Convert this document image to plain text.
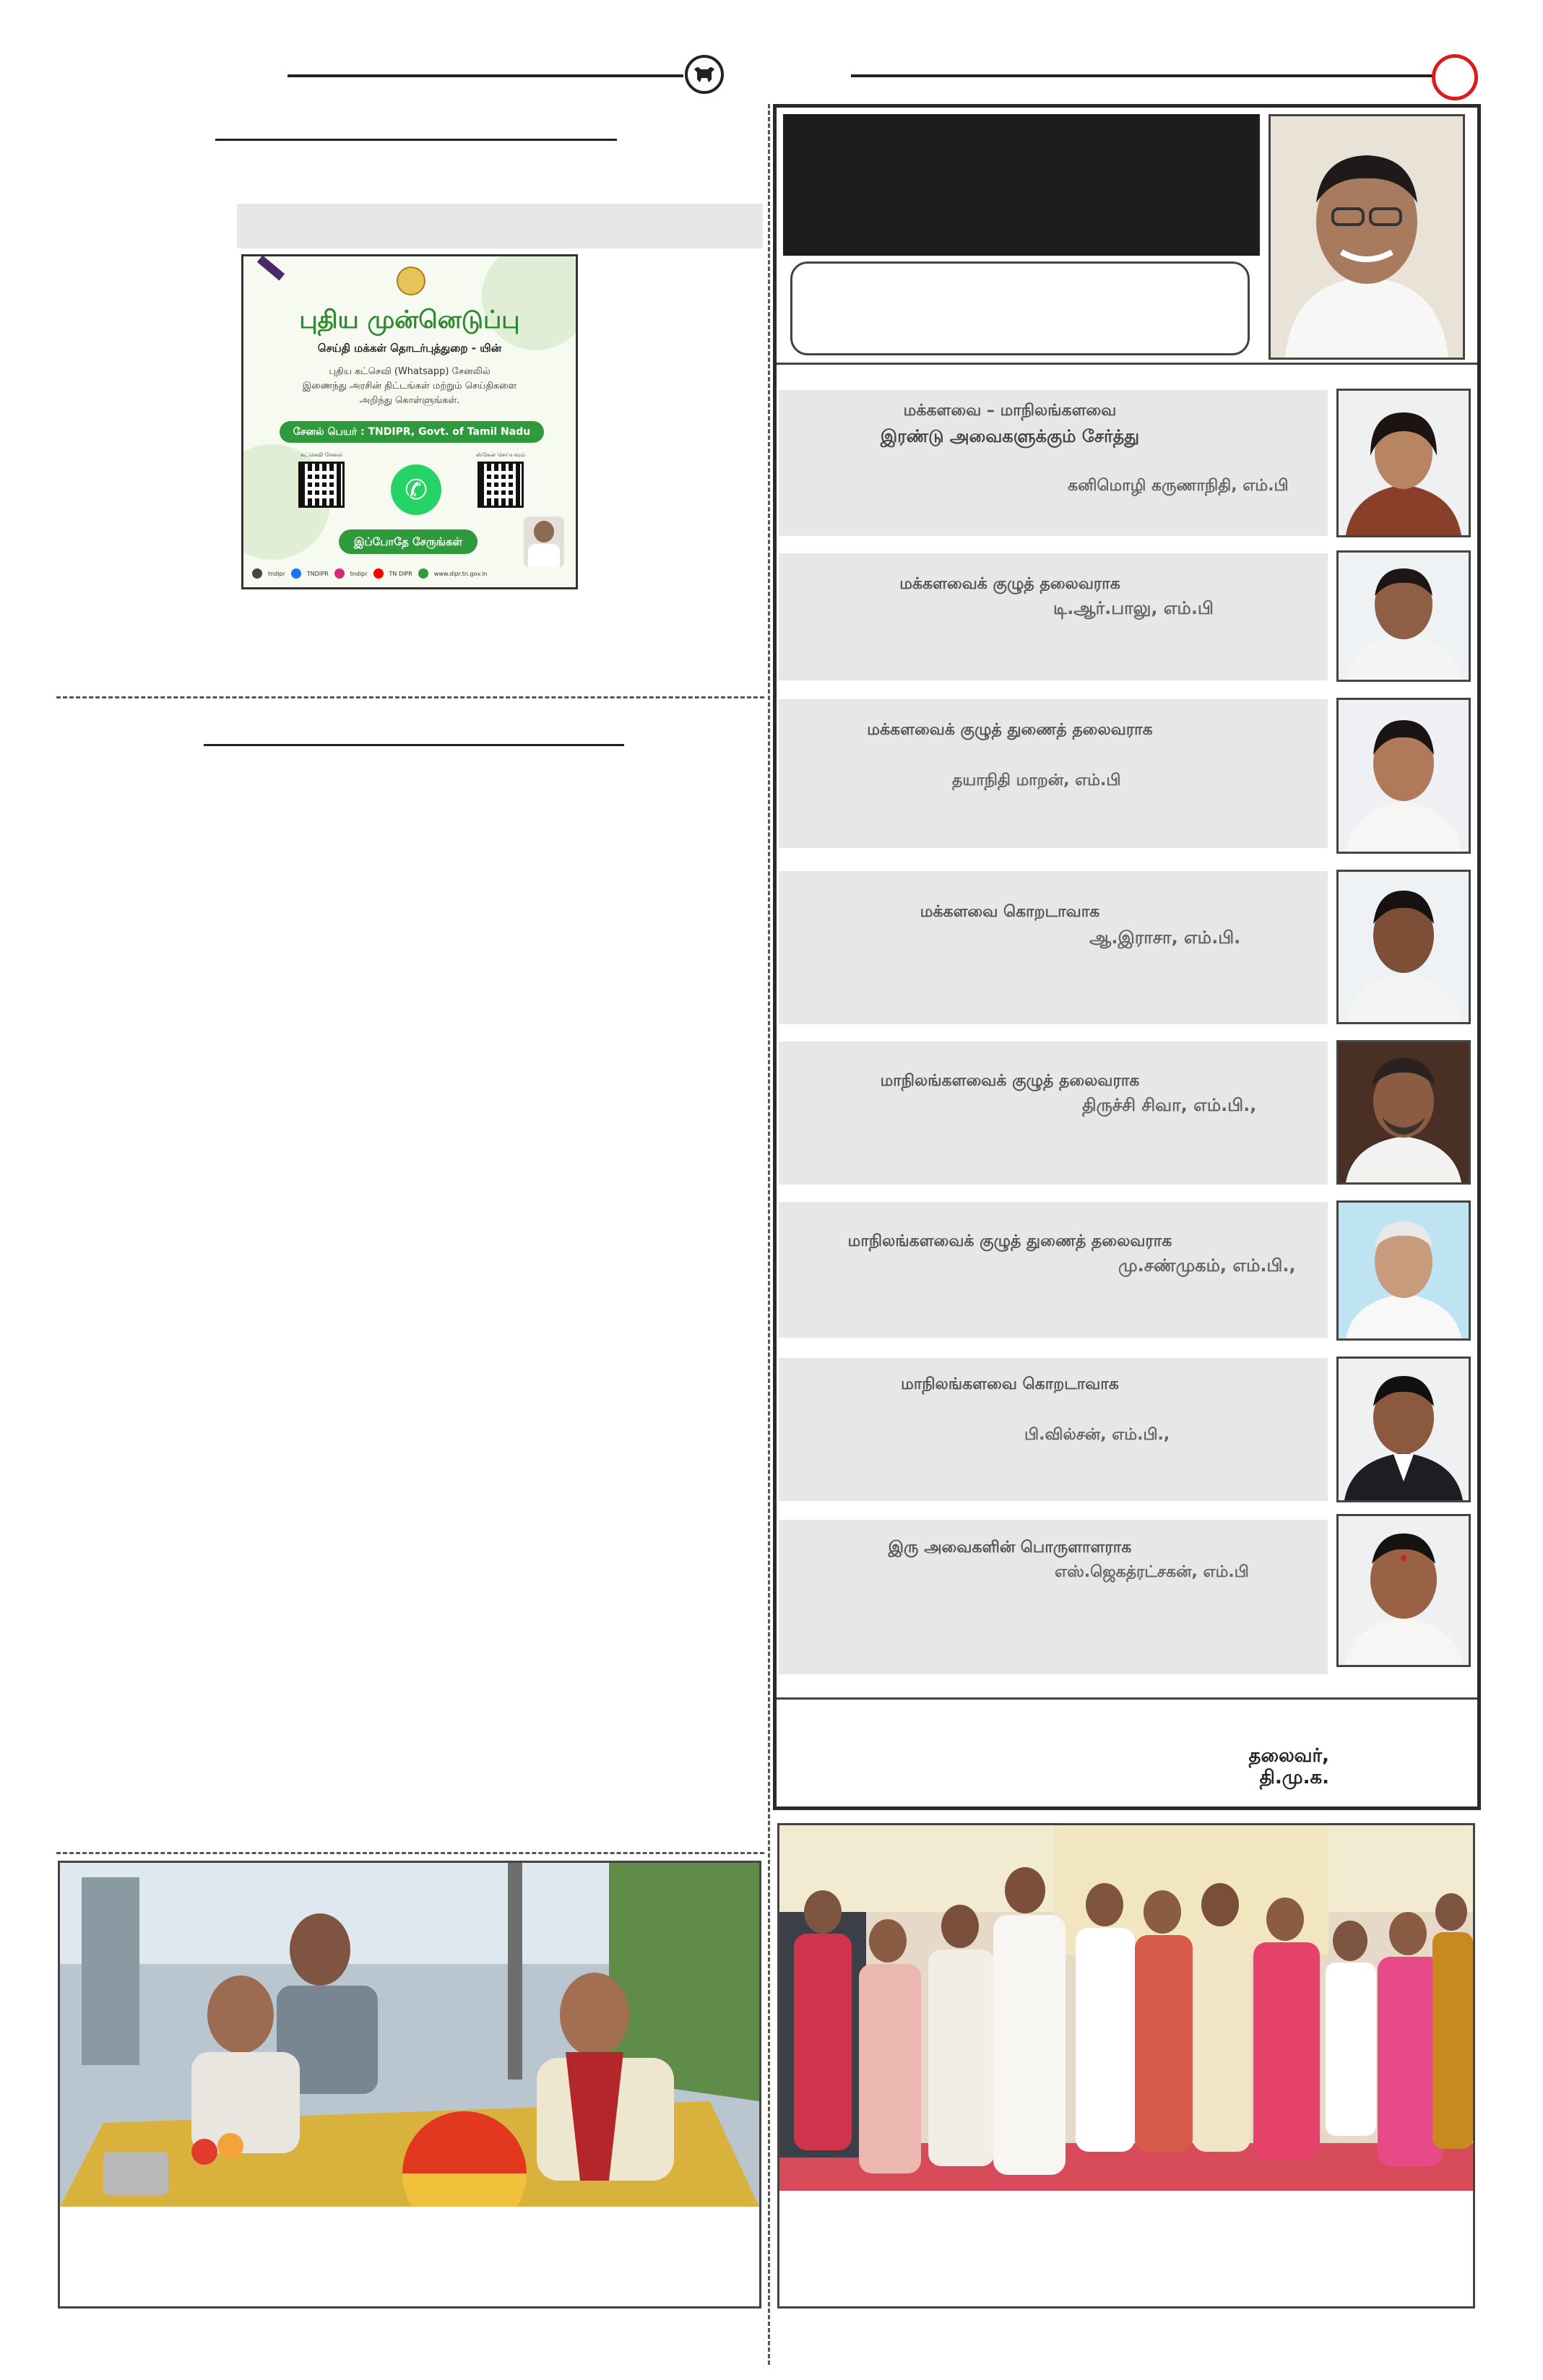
புதிய முன்னெடுப்பு
செய்தி மக்கள் தொடர்புத்துறை - யின்
புதிய கட்செவி (Whatsapp) சேனலில்
இணைந்து அரசின் திட்டங்கள் மற்றும் செய்திகளை
அறிந்து கொள்ளுங்கள்.
சேனல் பெயர் : TNDIPR, Govt. of Tamil Nadu
கட்செவி சேனல்
✆
ஸ்கேன் செய்யவும்
இப்போதே சேருங்கள்
tndipr	TNDIPR	tndipr	TN DIPR	www.dipr.tn.gov.in
மக்களவை – மாநிலங்களவை
இரண்டு அவைகளுக்கும் சேர்த்து
கனிமொழி கருணாநிதி, எம்.பி
மக்களவைக் குழுத் தலைவராக
டி.ஆர்.பாலு, எம்.பி
மக்களவைக் குழுத் துணைத் தலைவராக
தயாநிதி மாறன், எம்.பி
மக்களவை கொறடாவாக
ஆ.இராசா, எம்.பி.
மாநிலங்களவைக் குழுத் தலைவராக
திருச்சி சிவா, எம்.பி.,
மாநிலங்களவைக் குழுத் துணைத் தலைவராக
மு.சண்முகம், எம்.பி.,
மாநிலங்களவை கொறடாவாக
பி.வில்சன், எம்.பி.,
இரு அவைகளின் பொருளாளராக
எஸ்.ஜெகத்ரட்சகன், எம்.பி
தலைவர்,
தி.மு.க.
